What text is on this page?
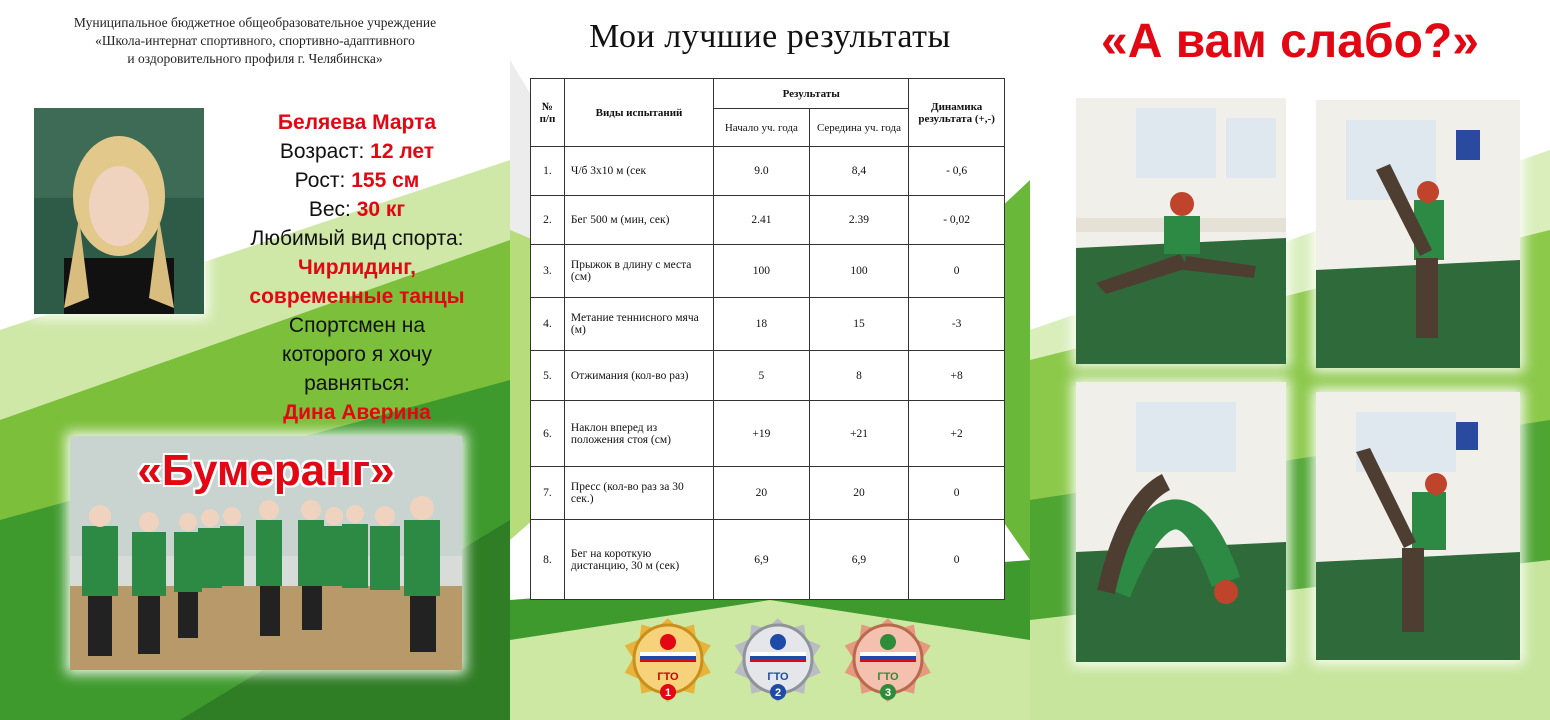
Муниципальное бюджетное общеобразовательное учреждение
«Школа-интернат спортивного, спортивно-адаптивного
и оздоровительного профиля г. Челябинска»
Беляева Марта
Возраст: 12 лет
Рост: 155 см
Вес: 30 кг
Любимый вид спорта:
Чирлидинг,
современные танцы
Спортсмен на
которого я хочу
равняться:
Дина Аверина
«Бумеранг»
Мои лучшие результаты
№ п/п	Виды испытаний	Результаты		Динамика результата (+,-)
		Начало уч. года	Середина уч. года	
1.	Ч/б 3х10 м (сек	9.0	8,4	- 0,6
2.	Бег 500 м (мин, сек)	2.41	2.39	- 0,02
3.	Прыжок в длину с места (см)	100	100	0
4.	Метание теннисного мяча (м)	18	15	-3
5.	Отжимания (кол-во раз)	5	8	+8
6.	Наклон вперед из положения стоя (см)	+19	+21	+2
7.	Пресс (кол-во раз за 30 сек.)	20	20	0
8.	Бег на короткую дистанцию, 30 м (сек)	6,9	6,9	0
ГТО
1
ГТО
2
ГТО
3
«А вам слабо?»
